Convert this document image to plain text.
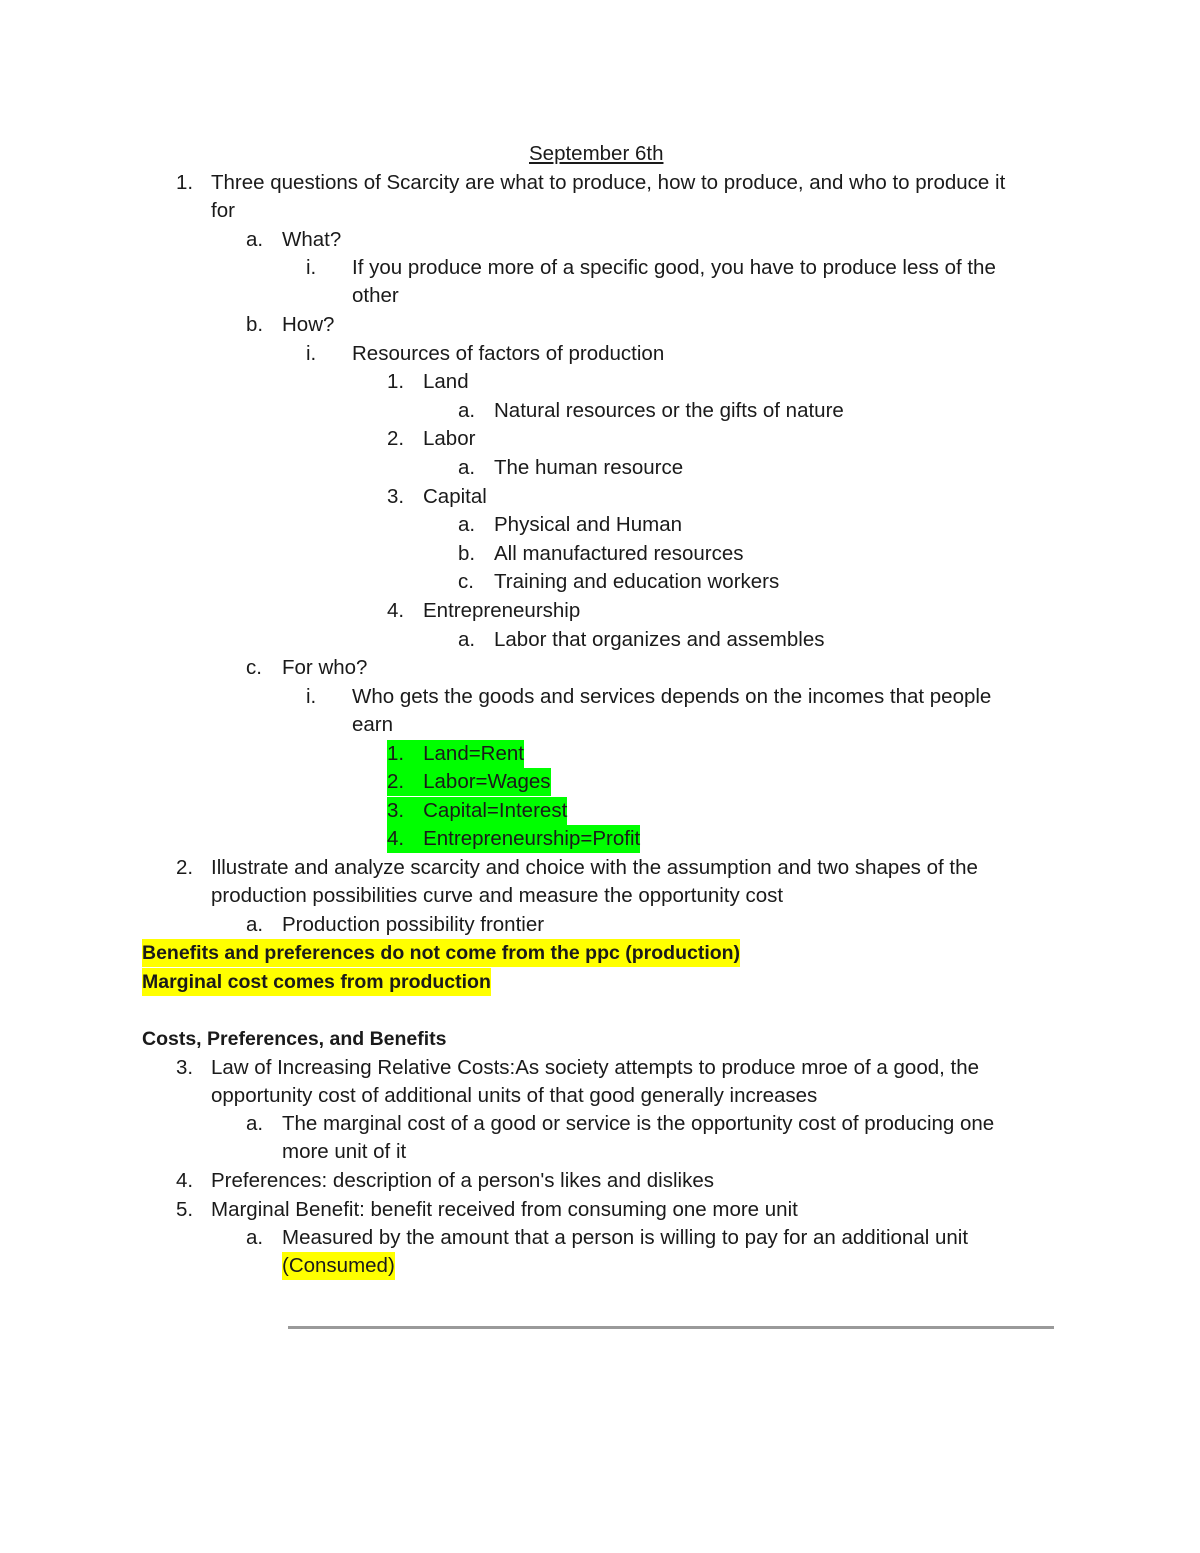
September 6th
1. Three questions of Scarcity are what to produce, how to produce, and who to produce it
for
a. What?
i. If you produce more of a specific good, you have to produce less of the
other
b. How?
i. Resources of factors of production
1. Land
a. Natural resources or the gifts of nature
2. Labor
a. The human resource
3. Capital
a. Physical and Human
b. All manufactured resources
c. Training and education workers
4. Entrepreneurship
a. Labor that organizes and assembles
c. For who?
i. Who gets the goods and services depends on the incomes that people
earn
1. Land=Rent
2. Labor=Wages
3. Capital=Interest
4. Entrepreneurship=Profit
2. Illustrate and analyze scarcity and choice with the assumption and two shapes of the
production possibilities curve and measure the opportunity cost
a. Production possibility frontier
Benefits and preferences do not come from the ppc (production)
Marginal cost comes from production
Costs, Preferences, and Benefits
3. Law of Increasing Relative Costs:As society attempts to produce mroe of a good, the
opportunity cost of additional units of that good generally increases
a. The marginal cost of a good or service is the opportunity cost of producing one
more unit of it
4. Preferences: description of a person's likes and dislikes
5. Marginal Benefit: benefit received from consuming one more unit
a. Measured by the amount that a person is willing to pay for an additional unit
(Consumed)
